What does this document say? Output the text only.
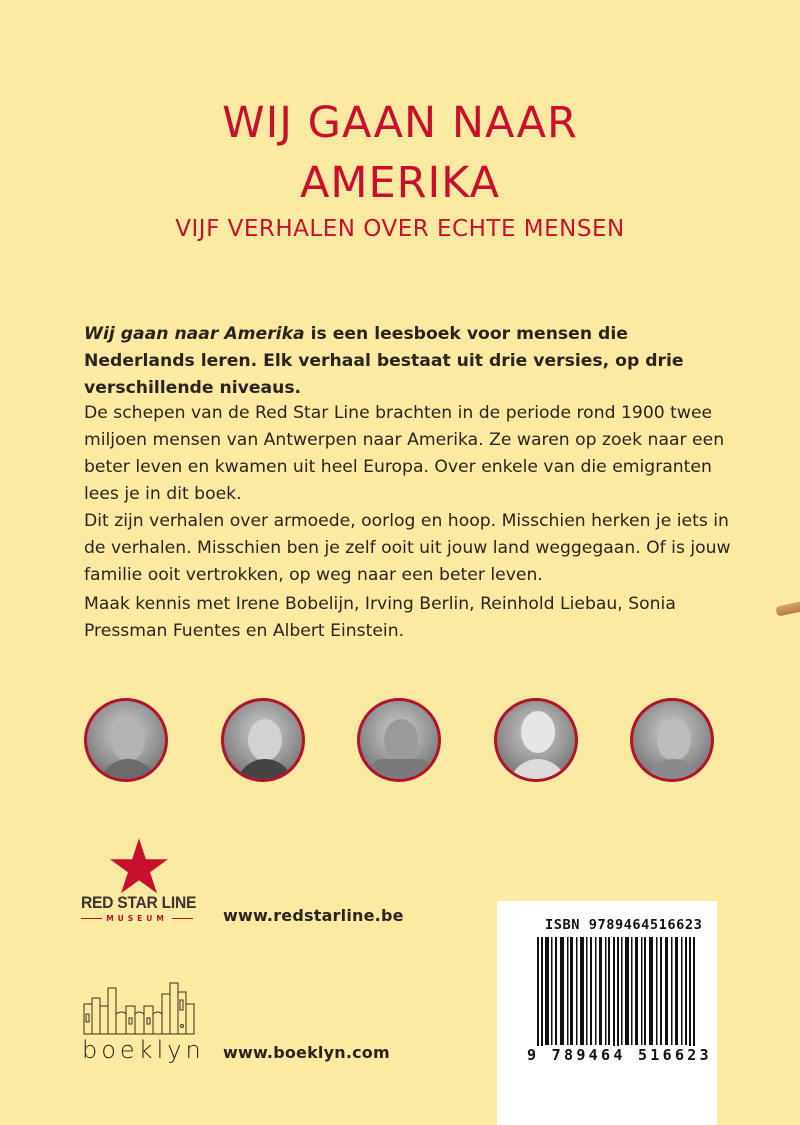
WIJ GAAN NAAR
AMERIKA
VIJF VERHALEN OVER ECHTE MENSEN

Wij gaan naar Amerika is een leesboek voor mensen die Nederlands leren. Elk verhaal bestaat uit drie versies, op drie verschillende niveaus.

De schepen van de Red Star Line brachten in de periode rond 1900 twee miljoen mensen van Antwerpen naar Amerika. Ze waren op zoek naar een beter leven en kwamen uit heel Europa. Over enkele van die emigranten lees je in dit boek.

Dit zijn verhalen over armoede, oorlog en hoop. Misschien herken je iets in de verhalen. Misschien ben je zelf ooit uit jouw land weggegaan. Of is jouw familie ooit vertrokken, op weg naar een beter leven.

Maak kennis met Irene Bobelijn, Irving Berlin, Reinhold Liebau, Sonia Pressman Fuentes en Albert Einstein.

RED STAR LINE
MUSEUM	www.redstarline.be
boeklyn www.boeklyn.com
ISBN 9789464516623
9 789464 516623
